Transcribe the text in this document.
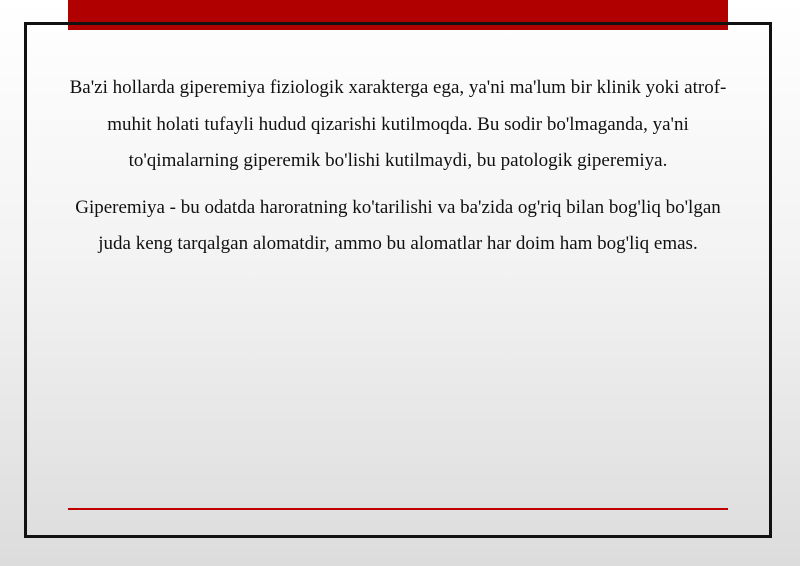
Ba'zi hollarda giperemiya fiziologik xarakterga ega, ya'ni ma'lum bir klinik yoki atrof-muhit holati tufayli hudud qizarishi kutilmoqda. Bu sodir bo'lmaganda, ya'ni to'qimalarning giperemik bo'lishi kutilmaydi, bu patologik giperemiya.

Giperemiya - bu odatda haroratning ko'tarilishi va ba'zida og'riq bilan bog'liq bo'lgan juda keng tarqalgan alomatdir, ammo bu alomatlar har doim ham bog'liq emas.
